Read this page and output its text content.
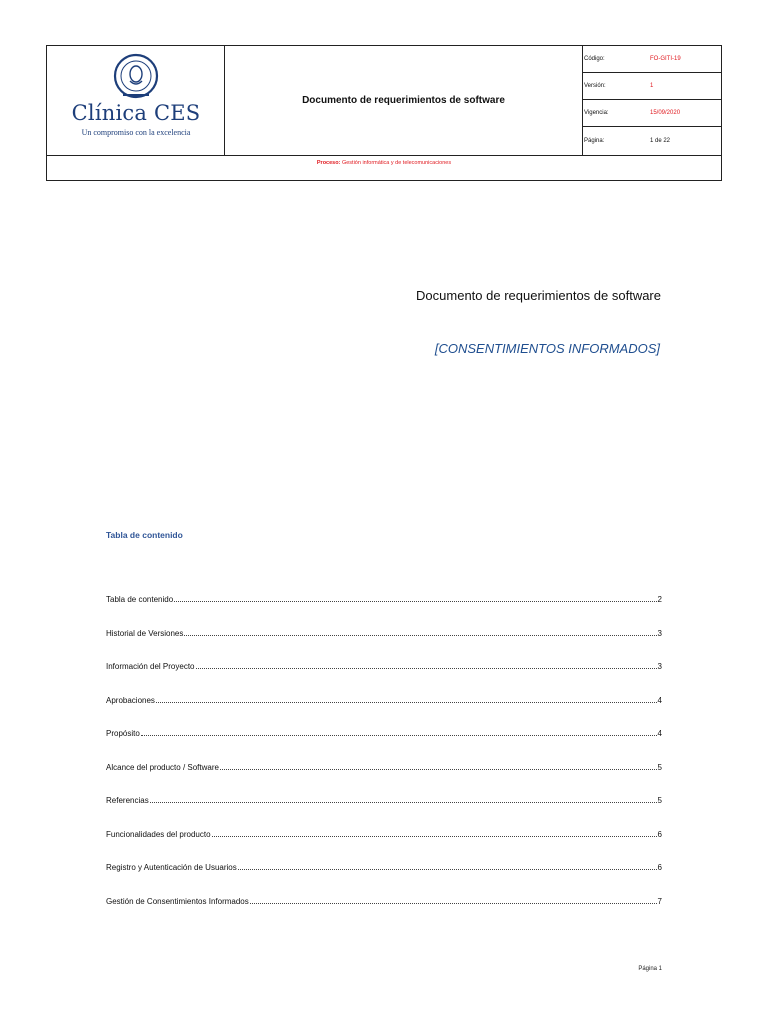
Clínica CES
Un compromiso con la excelencia
Documento de requerimientos de software
Código:	FO-GITI-19
Versión:	1
Vigencia:	15/09/2020
Página:	1 de 22
Proceso:
Gestión informática y de telecomunicaciones
Documento de requerimientos de software
[CONSENTIMIENTOS INFORMADOS]
Tabla de contenido
Tabla de contenido	2
Historial de Versiones	3
Información del Proyecto	3
Aprobaciones	4
Propósito	4
Alcance del producto / Software	5
Referencias	5
Funcionalidades del producto	6
Registro y Autenticación de Usuarios	6
Gestión de Consentimientos Informados	7
Página 1
